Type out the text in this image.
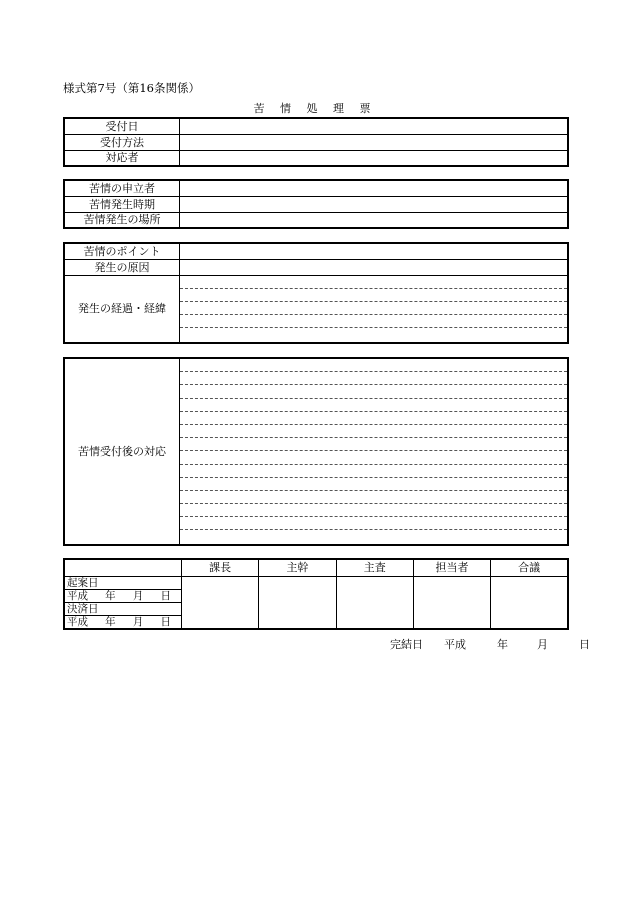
様式第7号（第16条関係）
苦 情 処 理 票
受付日	
受付方法	
対応者	
苦情の申立者	
苦情発生時期	
苦情発生の場所	
苦情のポイント	
発生の原因	
発生の経過・経緯	
苦情受付後の対応	
	課長	主幹	主査	担当者	合議
起案日					

平成 年 月 日					

決済日					

平成 年 月 日					
完結日 平成	年	月	日
